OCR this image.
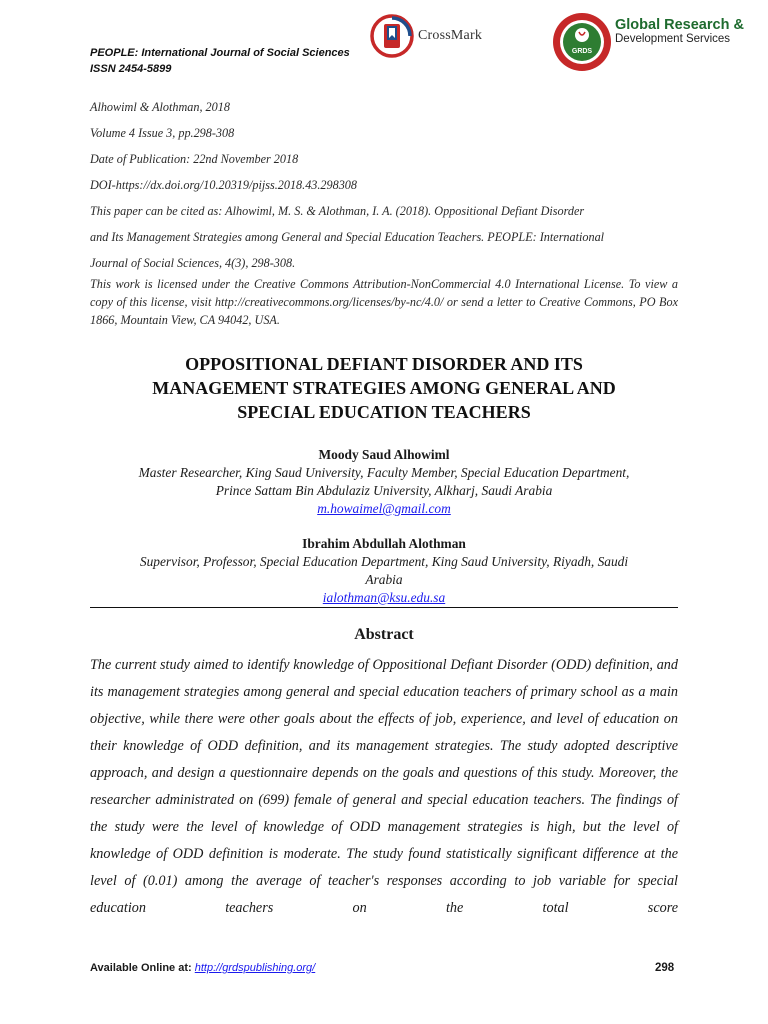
PEOPLE: International Journal of Social Sciences
ISSN 2454-5899
CrossMark
GRDS
Global Research &
Development Services

Alhowiml & Alothman, 2018

Volume 4 Issue 3, pp.298-308

Date of Publication: 22nd November 2018

DOI-https://dx.doi.org/10.20319/pijss.2018.43.298308

This paper can be cited as: Alhowiml, M. S. & Alothman, I. A. (2018). Oppositional Defiant Disorder

and Its Management Strategies among General and Special Education Teachers. PEOPLE: International

Journal of Social Sciences, 4(3), 298-308.

This work is licensed under the Creative Commons Attribution-NonCommercial 4.0 International License. To view a copy of this license, visit http://creativecommons.org/licenses/by-nc/4.0/ or send a letter to Creative Commons, PO Box 1866, Mountain View, CA 94042, USA.
OPPOSITIONAL DEFIANT DISORDER AND ITS
MANAGEMENT STRATEGIES AMONG GENERAL AND
SPECIAL EDUCATION TEACHERS
Moody Saud Alhowiml
Master Researcher, King Saud University, Faculty Member, Special Education Department,
Prince Sattam Bin Abdulaziz University, Alkharj, Saudi Arabia
m.howaimel@gmail.com
Ibrahim Abdullah Alothman
Supervisor, Professor, Special Education Department, King Saud University, Riyadh, Saudi
Arabia
ialothman@ksu.edu.sa
Abstract
The current study aimed to identify knowledge of Oppositional Defiant Disorder (ODD) definition, and its management strategies among general and special education teachers of primary school as a main objective, while there were other goals about the effects of job, experience, and level of education on their knowledge of ODD definition, and its management strategies. The study adopted descriptive approach, and design a questionnaire depends on the goals and questions of this study. Moreover, the researcher administrated on (699) female of general and special education teachers. The findings of the study were the level of knowledge of ODD management strategies is high, but the level of knowledge of ODD definition is moderate. The study found statistically significant difference at the level of (0.01) among the average of teacher's responses according to job variable for special education teachers on the total score
Available Online at: http://grdspublishing.org/	298
